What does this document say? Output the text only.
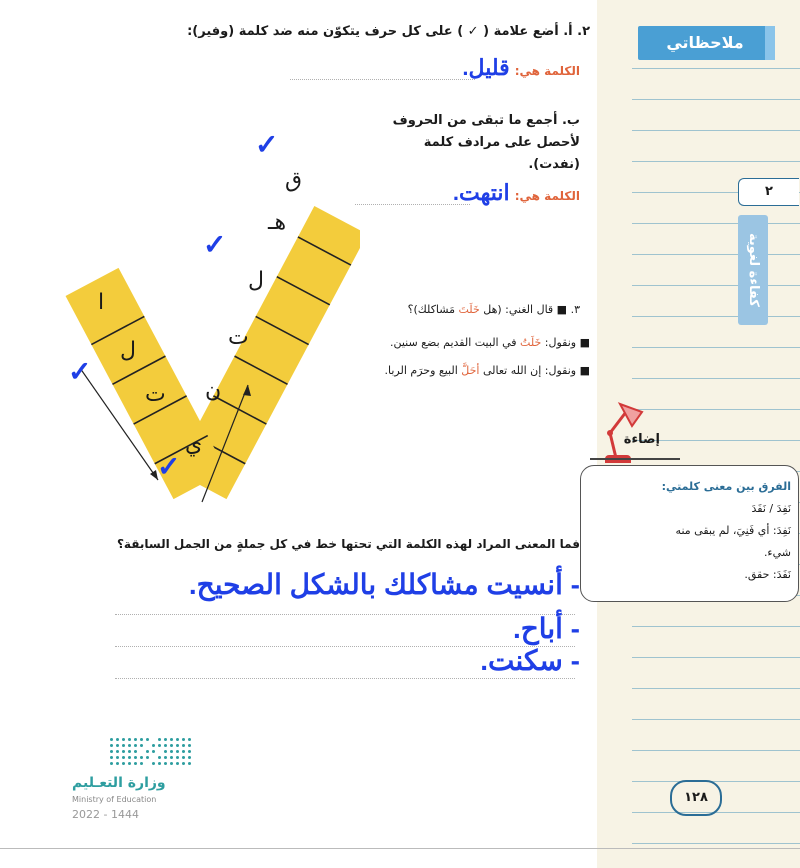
ملاحظاتي
٢
كفاءة لغوية
٢. أ. أضع علامة ( ✓ ) على كل حرف يتكوّن منه ضد كلمة (وفير):
الكلمة هي: قليل.
ب. أجمع ما تبقى من الحروف
لأحصل على مرادف كلمة
(نفدت).
الكلمة هي: انتهت.
ق
هـ
ل
ت
ن
ا
ل
ت
ي
✓
✓
✓
✓
٣. ■ قال الغني: (هل خَلَتَ مَشاكلك)؟
■ ونقول: خَلَتُ في البيت القديم بضع سنين.
■ ونقول: إن الله تعالى أحَلَّ البيع وحرَم الربا.
فما المعنى المراد لهذه الكلمة التي تحتها خط في كل جملةٍ من الجمل السابقة؟
- أنسيت مشاكلك بالشكل الصحيح.
- أباح.
- سكنت.
إضاءة
الفرق بين معنى كلمتي:
نَفِدَ / نَفَدَ
نَفِدَ: أي فَنِيَ، لم يبقى منه
شيء.
نَفَدَ: حقق.
١٢٨
وزارة التعـليم
Ministry of Education
2022 - 1444
